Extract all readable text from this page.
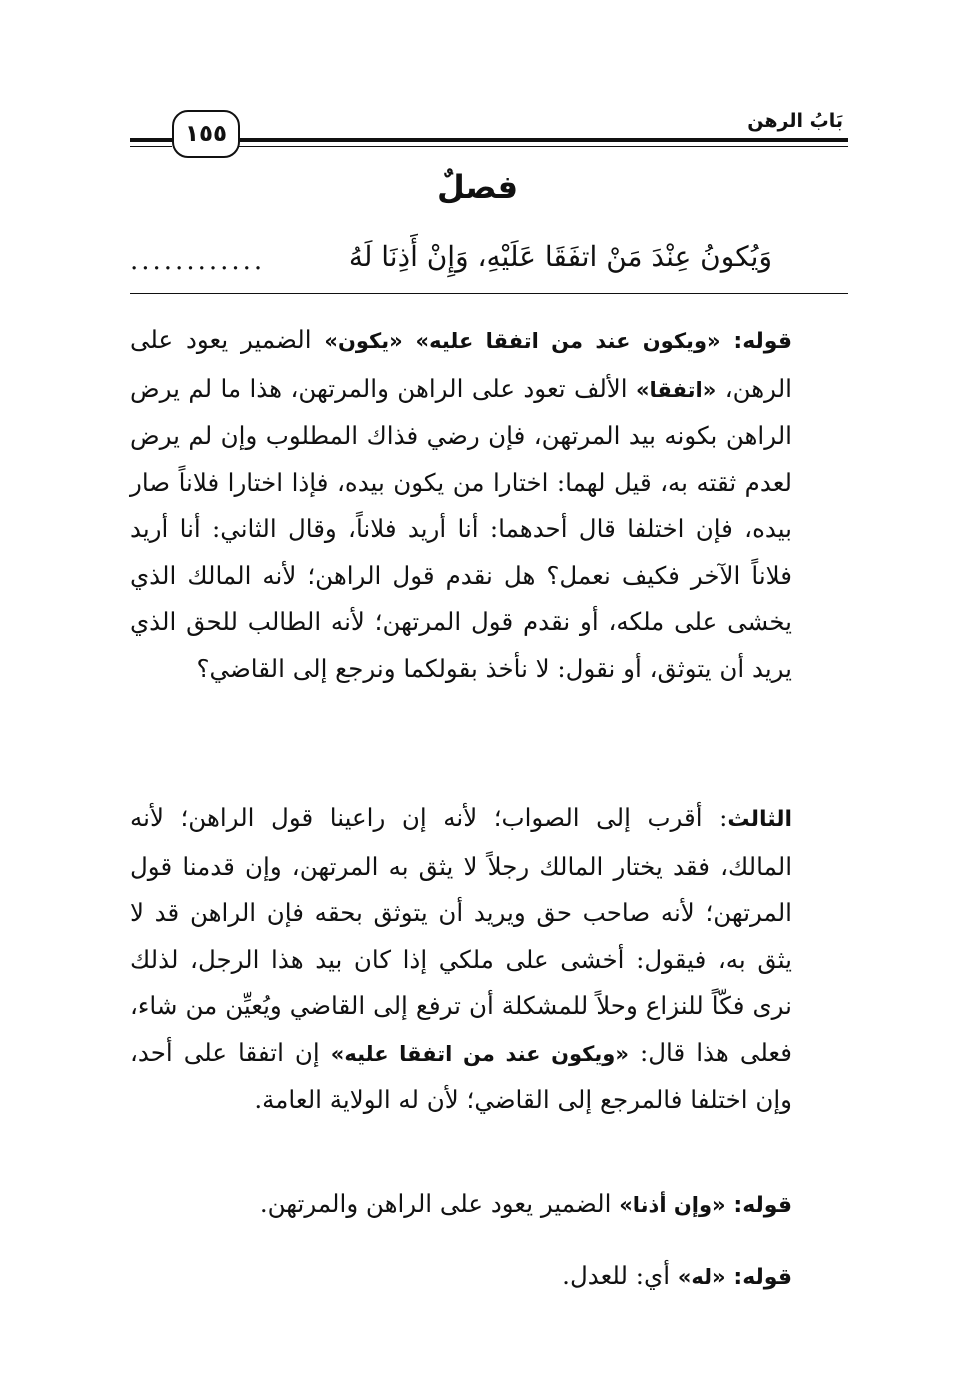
١٥٥	بَابُ الرهن
فصلٌ
وَيُكونُ عِنْدَ مَنْ اتفَقَا عَلَيْهِ، وَإِنْ أَذِنَا لَهُ
............

قوله: «ويكون عند من اتفقا عليه» «يكون» الضمير يعود على الرهن، «اتفقا» الألف تعود على الراهن والمرتهن، هذا ما لم يرض الراهن بكونه بيد المرتهن، فإن رضي فذاك المطلوب وإن لم يرض لعدم ثقته به، قيل لهما: اختارا من يكون بيده، فإذا اختارا فلاناً صار بيده، فإن اختلفا قال أحدهما: أنا أريد فلاناً، وقال الثاني: أنا أريد فلاناً الآخر فكيف نعمل؟ هل نقدم قول الراهن؛ لأنه المالك الذي يخشى على ملكه، أو نقدم قول المرتهن؛ لأنه الطالب للحق الذي يريد أن يتوثق، أو نقول: لا نأخذ بقولكما ونرجع إلى القاضي؟

الثالث: أقرب إلى الصواب؛ لأنه إن راعينا قول الراهن؛ لأنه المالك، فقد يختار المالك رجلاً لا يثق به المرتهن، وإن قدمنا قول المرتهن؛ لأنه صاحب حق ويريد أن يتوثق بحقه فإن الراهن قد لا يثق به، فيقول: أخشى على ملكي إذا كان بيد هذا الرجل، لذلك نرى فكّاً للنزاع وحلاً للمشكلة أن ترفع إلى القاضي ويُعيِّن من شاء، فعلى هذا قال: «ويكون عند من اتفقا عليه» إن اتفقا على أحد، وإن اختلفا فالمرجع إلى القاضي؛ لأن له الولاية العامة.

قوله: «وإن أذنا» الضمير يعود على الراهن والمرتهن.

قوله: «له» أي: للعدل.
